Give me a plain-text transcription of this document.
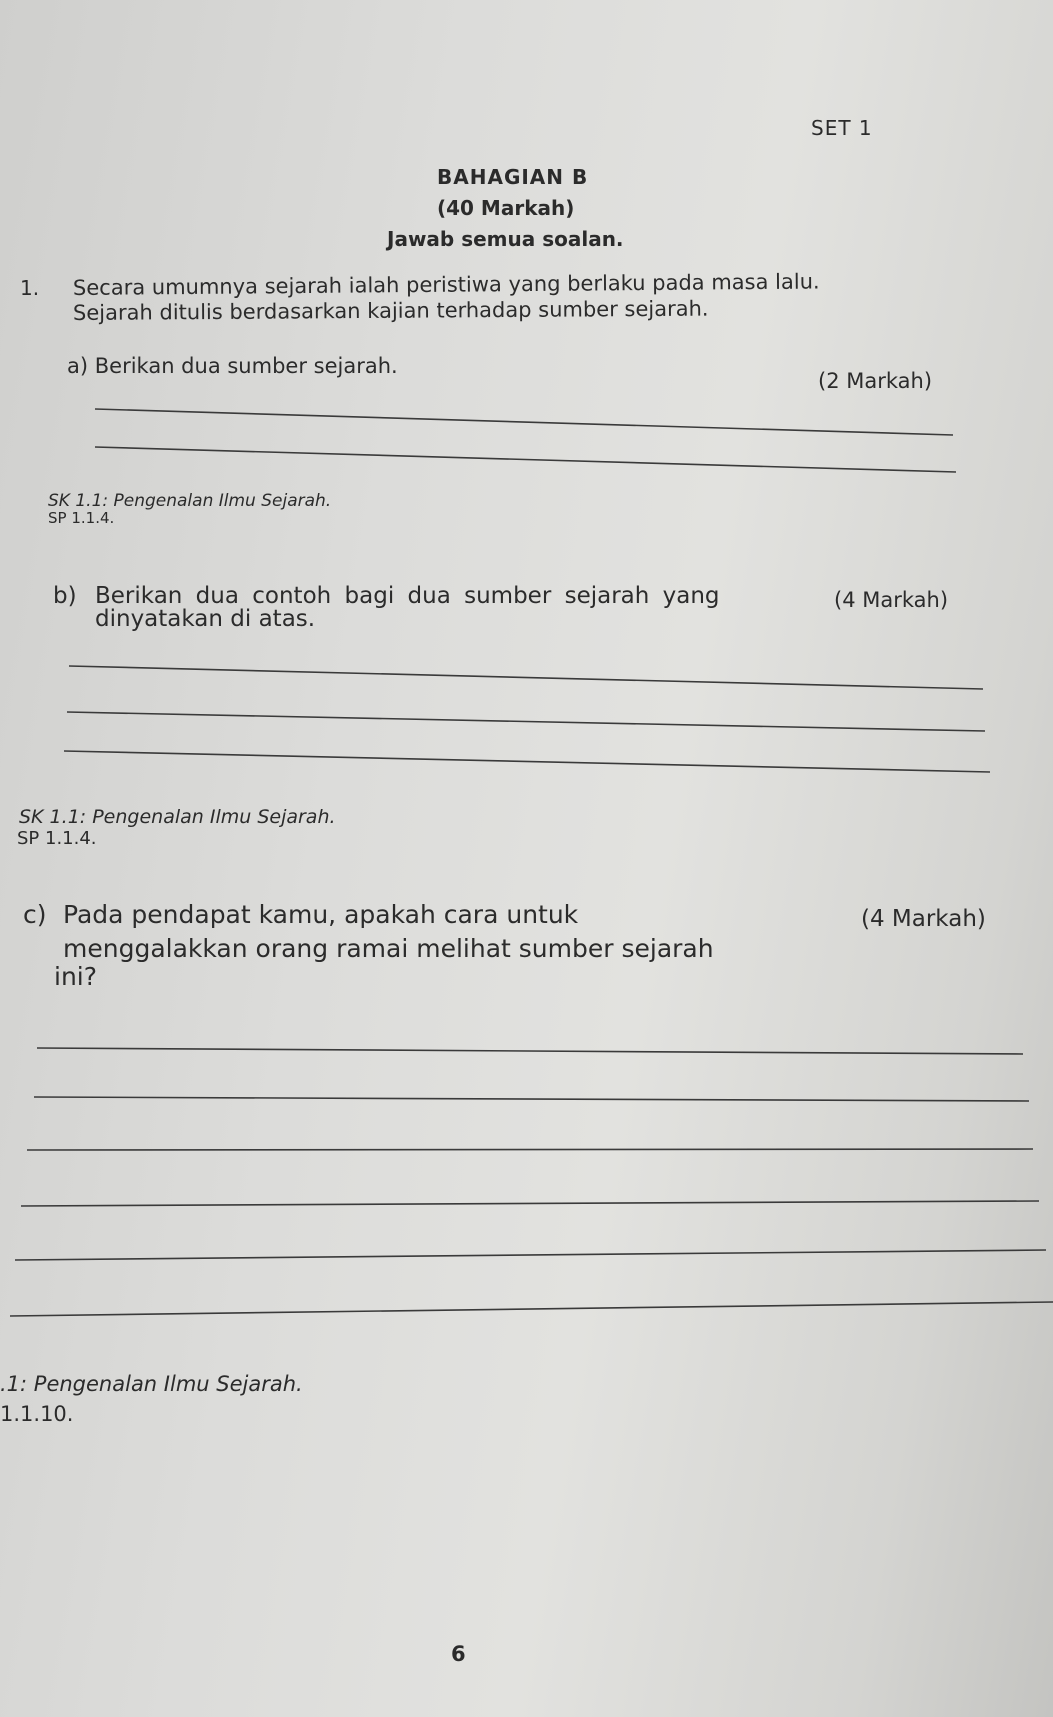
SET 1
BAHAGIAN B
(40 Markah)
Jawab semua soalan.
1. Secara umumnya sejarah ialah peristiwa yang berlaku pada masa lalu.
Sejarah ditulis berdasarkan kajian terhadap sumber sejarah.
a) Berikan dua sumber sejarah.
(2 Markah)
SK 1.1: Pengenalan Ilmu Sejarah.
SP 1.1.4.
b) Berikan dua contoh bagi dua sumber sejarah yang
dinyatakan di atas.
(4 Markah)
SK 1.1: Pengenalan Ilmu Sejarah.
SP 1.1.4.
c) Pada pendapat kamu, apakah cara untuk
menggalakkan orang ramai melihat sumber sejarah
ini?
(4 Markah)
.1: Pengenalan Ilmu Sejarah.
1.1.10.
6
